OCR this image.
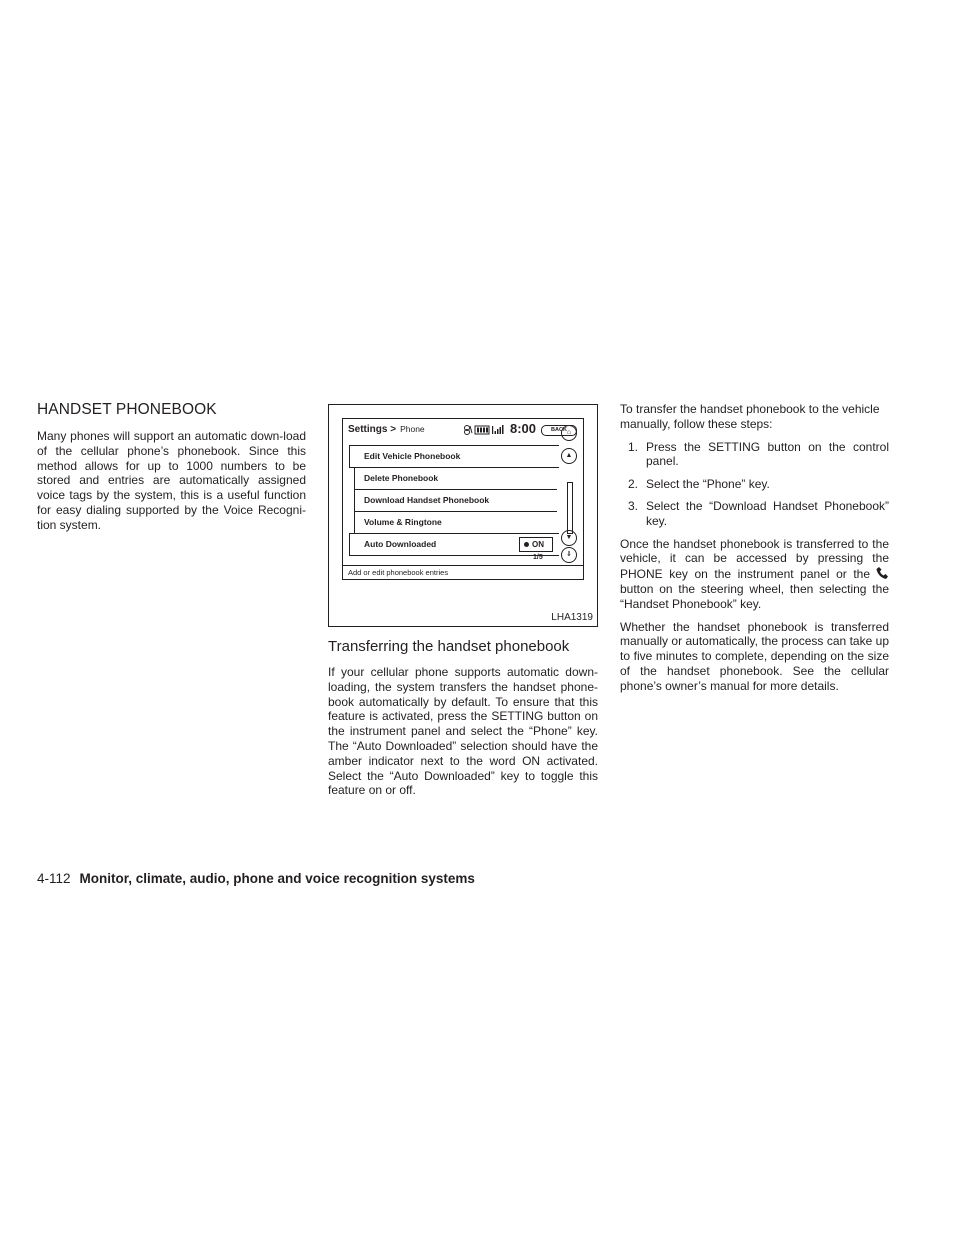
HANDSET PHONEBOOK

Many phones will support an automatic down-load of the cellular phone’s phonebook. Since this method allows for up to 1000 numbers to be stored and entries are automatically assigned voice tags by the system, this is a useful function for easy dialing supported by the Voice Recogni-tion system.

Settings > Phone	8:00	BACK
Edit Vehicle Phonebook
Delete Phonebook
Download Handset Phonebook
Volume & Ringtone
Auto Downloaded	ON
⌂
▲
▼
⇓
1/5
Add or edit phonebook entries
LHA1319
Transferring the handset phonebook

If your cellular phone supports automatic down-loading, the system transfers the handset phone-book automatically by default. To ensure that this feature is activated, press the SETTING button on the instrument panel and select the “Phone” key. The “Auto Downloaded” selection should have the amber indicator next to the word ON activated. Select the “Auto Downloaded” key to toggle this feature on or off.

To transfer the handset phonebook to the vehicle manually, follow these steps:

1. Press the SETTING button on the control panel.
2. Select the “Phone” key.
3. Select the “Download Handset Phonebook” key.

Once the handset phonebook is transferred to the vehicle, it can be accessed by pressing the PHONE key on the instrument panel or the button on the steering wheel, then selecting the “Handset Phonebook” key.

Whether the handset phonebook is transferred manually or automatically, the process can take up to five minutes to complete, depending on the size of the handset phonebook. See the cellular phone’s owner’s manual for more details.

4-112 Monitor, climate, audio, phone and voice recognition systems
